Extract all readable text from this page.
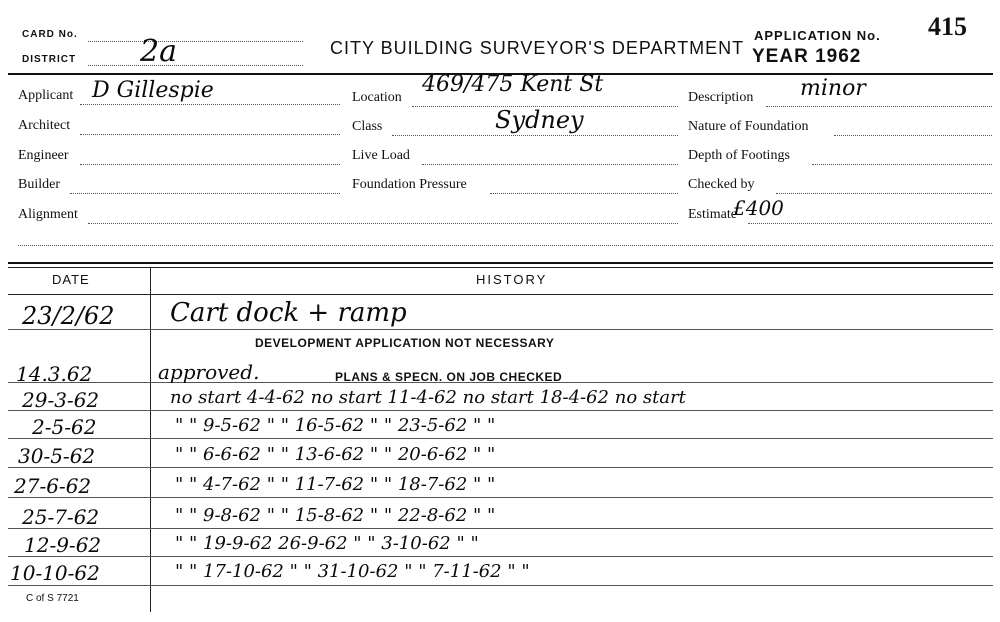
CARD No.
DISTRICT 2a	CITY BUILDING SURVEYOR'S DEPARTMENT
APPLICATION No.
YEAR 1962
415
Applicant D Gillespie
Architect
Engineer
Builder
Alignment
Location
469/475 Kent St
Class	Sydney
Live Load
Foundation Pressure
Description minor
Nature of Foundation
Depth of Footings
Checked by
Estimate
£400
DATE	HISTORY
23/2/62 Cart dock + ramp
DEVELOPMENT APPLICATION NOT NECESSARY
14.3.62	approved.	PLANS & SPECN. ON JOB CHECKED
29-3-62	no start 4-4-62 no start 11-4-62 no start 18-4-62 no start
2-5-62	" " 9-5-62 " " 16-5-62 " " 23-5-62 " "
30-5-62	" " 6-6-62 " " 13-6-62 " " 20-6-62 " "
27-6-62	" " 4-7-62 " " 11-7-62 " " 18-7-62 " "
25-7-62	" " 9-8-62 " " 15-8-62 " " 22-8-62 " "
12-9-62	" " 19-9-62 26-9-62 " " 3-10-62 " "
10-10-62	" " 17-10-62 " " 31-10-62 " " 7-11-62 " "
C of S 7721
